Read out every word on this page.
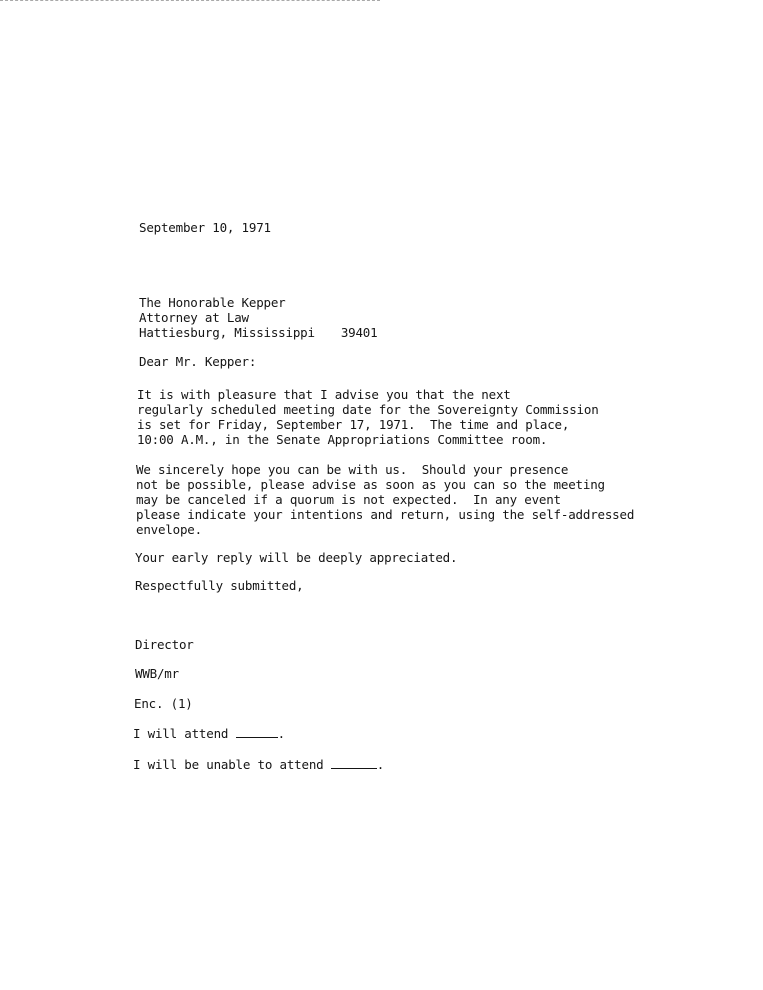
September 10, 1971
The Honorable Kepper
Attorney at Law
Hattiesburg, Mississippi 39401
Dear Mr. Kepper:
It is with pleasure that I advise you that the next
regularly scheduled meeting date for the Sovereignty Commission
is set for Friday, September 17, 1971.  The time and place,
10:00 A.M., in the Senate Appropriations Committee room.
We sincerely hope you can be with us.  Should your presence
not be possible, please advise as soon as you can so the meeting
may be canceled if a quorum is not expected.  In any event
please indicate your intentions and return, using the self-addressed
envelope.
Your early reply will be deeply appreciated.
Respectfully submitted,
Director
WWB/mr
Enc. (1)
I will attend	.
I will be unable to attend	.
